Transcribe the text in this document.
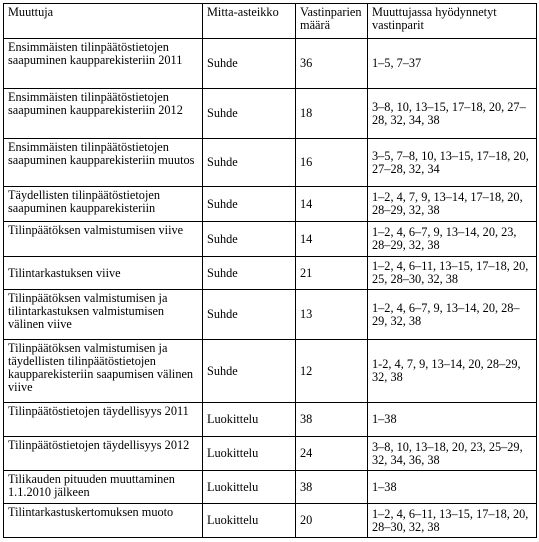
Muuttuja	Mitta-asteikko	Vastinparien määrä	Muuttujassa hyödynnetyt vastinparit
Ensimmäisten tilinpäätöstietojen saapuminen kaupparekisteriin 2011	Suhde	36	1–5, 7–37
Ensimmäisten tilinpäätöstietojen saapuminen kaupparekisteriin 2012	Suhde	18	3–8, 10, 13–15, 17–18, 20, 27–28, 32, 34, 38
Ensimmäisten tilinpäätöstietojen saapuminen kaupparekisteriin muutos	Suhde	16	3–5, 7–8, 10, 13–15, 17–18, 20, 27–28, 32, 34
Täydellisten tilinpäätöstietojen saapuminen kaupparekisteriin	Suhde	14	1–2, 4, 7, 9, 13–14, 17–18, 20, 28–29, 32, 38
Tilinpäätöksen valmistumisen viive	Suhde	14	1–2, 4, 6–7, 9, 13–14, 20, 23, 28–29, 32, 38
Tilintarkastuksen viive	Suhde	21	1–2, 4, 6–11, 13–15, 17–18, 20, 25, 28–30, 32, 38
Tilinpäätöksen valmistumisen ja tilintarkastuksen valmistumisen välinen viive	Suhde	13	1–2, 4, 6–7, 9, 13–14, 20, 28–29, 32, 38
Tilinpäätöksen valmistumisen ja täydellisten tilinpäätöstietojen kaupparekisteriin saapumisen välinen viive	Suhde	12	1-2, 4, 7, 9, 13–14, 20, 28–29, 32, 38
Tilinpäätöstietojen täydellisyys 2011	Luokittelu	38	1–38
Tilinpäätöstietojen täydellisyys 2012	Luokittelu	24	3–8, 10, 13–18, 20, 23, 25–29, 32, 34, 36, 38
Tilikauden pituuden muuttaminen 1.1.2010 jälkeen	Luokittelu	38	1–38
Tilintarkastuskertomuksen muoto	Luokittelu	20	1–2, 4, 6–11, 13–15, 17–18, 20, 28–30, 32, 38
